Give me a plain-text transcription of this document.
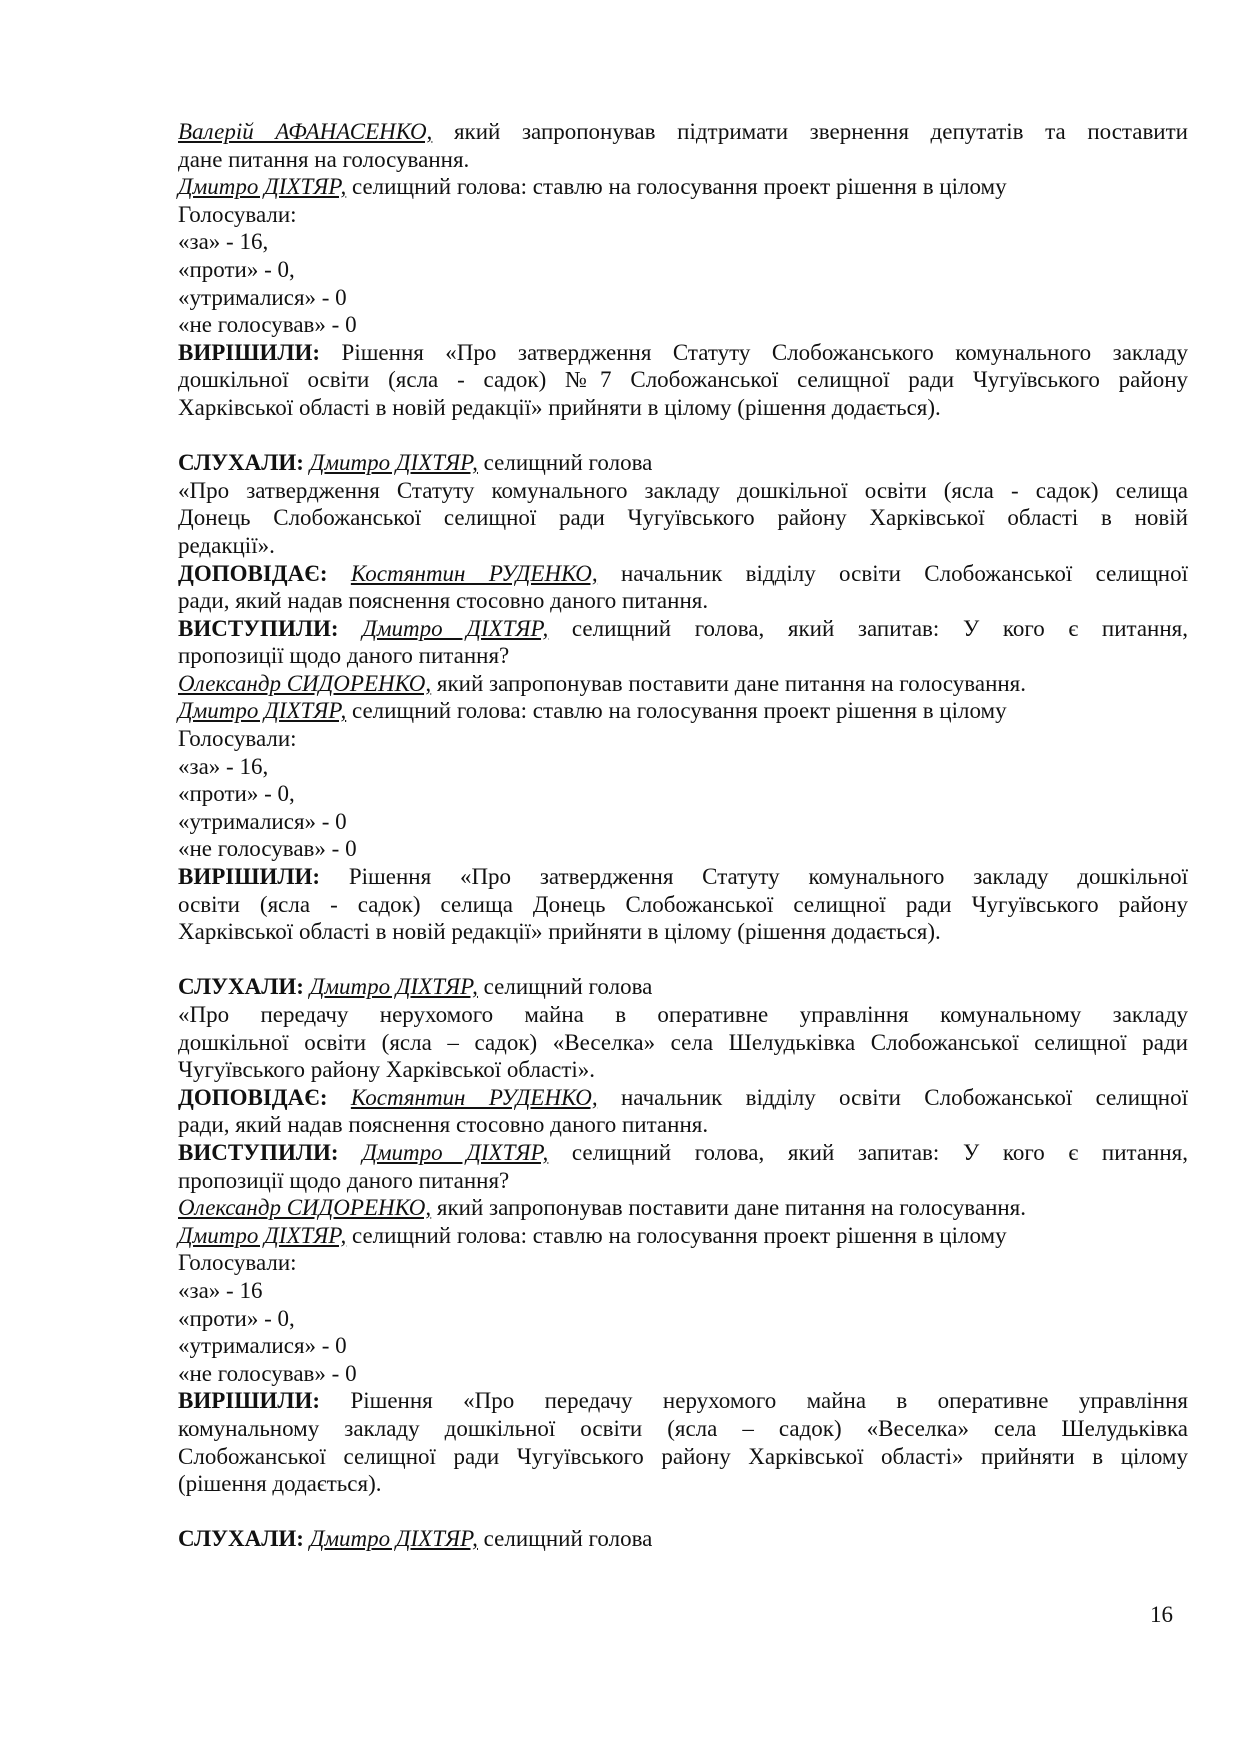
Валерій АФАНАСЕНКО, який запропонував підтримати звернення депутатів та поставити

дане питання на голосування.

Дмитро ДІХТЯР, селищний голова: ставлю на голосування проект рішення в цілому

Голосували:

«за» - 16,

«проти» - 0,

«утрималися» - 0

«не голосував» - 0

ВИРІШИЛИ: Рішення «Про затвердження Статуту Слобожанського комунального закладу

дошкільної освіти (ясла - садок) №7 Слобожанської селищної ради Чугуївського району

Харківської області в новій редакції» прийняти в цілому (рішення додається).

СЛУХАЛИ: Дмитро ДІХТЯР, селищний голова

«Про затвердження Статуту комунального закладу дошкільної освіти (ясла - садок) селища

Донець Слобожанської селищної ради Чугуївського району Харківської області в новій

редакції».

ДОПОВІДАЄ: Костянтин РУДЕНКО, начальник відділу освіти Слобожанської селищної

ради, який надав пояснення стосовно даного питання.

ВИСТУПИЛИ: Дмитро ДІХТЯР, селищний голова, який запитав: У кого є питання,

пропозиції щодо даного питання?

Олександр СИДОРЕНКО, який запропонував поставити дане питання на голосування.

Дмитро ДІХТЯР, селищний голова: ставлю на голосування проект рішення в цілому

Голосували:

«за» - 16,

«проти» - 0,

«утрималися» - 0

«не голосував» - 0

ВИРІШИЛИ: Рішення «Про затвердження Статуту комунального закладу дошкільної

освіти (ясла - садок) селища Донець Слобожанської селищної ради Чугуївського району

Харківської області в новій редакції» прийняти в цілому (рішення додається).

СЛУХАЛИ: Дмитро ДІХТЯР, селищний голова

«Про передачу нерухомого майна в оперативне управління комунальному закладу

дошкільної освіти (ясла – садок) «Веселка» села Шелудьківка Слобожанської селищної ради

Чугуївського району Харківської області».

ДОПОВІДАЄ: Костянтин РУДЕНКО, начальник відділу освіти Слобожанської селищної

ради, який надав пояснення стосовно даного питання.

ВИСТУПИЛИ: Дмитро ДІХТЯР, селищний голова, який запитав: У кого є питання,

пропозиції щодо даного питання?

Олександр СИДОРЕНКО, який запропонував поставити дане питання на голосування.

Дмитро ДІХТЯР, селищний голова: ставлю на голосування проект рішення в цілому

Голосували:

«за» - 16

«проти» - 0,

«утрималися» - 0

«не голосував» - 0

ВИРІШИЛИ: Рішення «Про передачу нерухомого майна в оперативне управління

комунальному закладу дошкільної освіти (ясла – садок) «Веселка» села Шелудьківка

Слобожанської селищної ради Чугуївського району Харківської області» прийняти в цілому

(рішення додається).

СЛУХАЛИ: Дмитро ДІХТЯР, селищний голова

16
